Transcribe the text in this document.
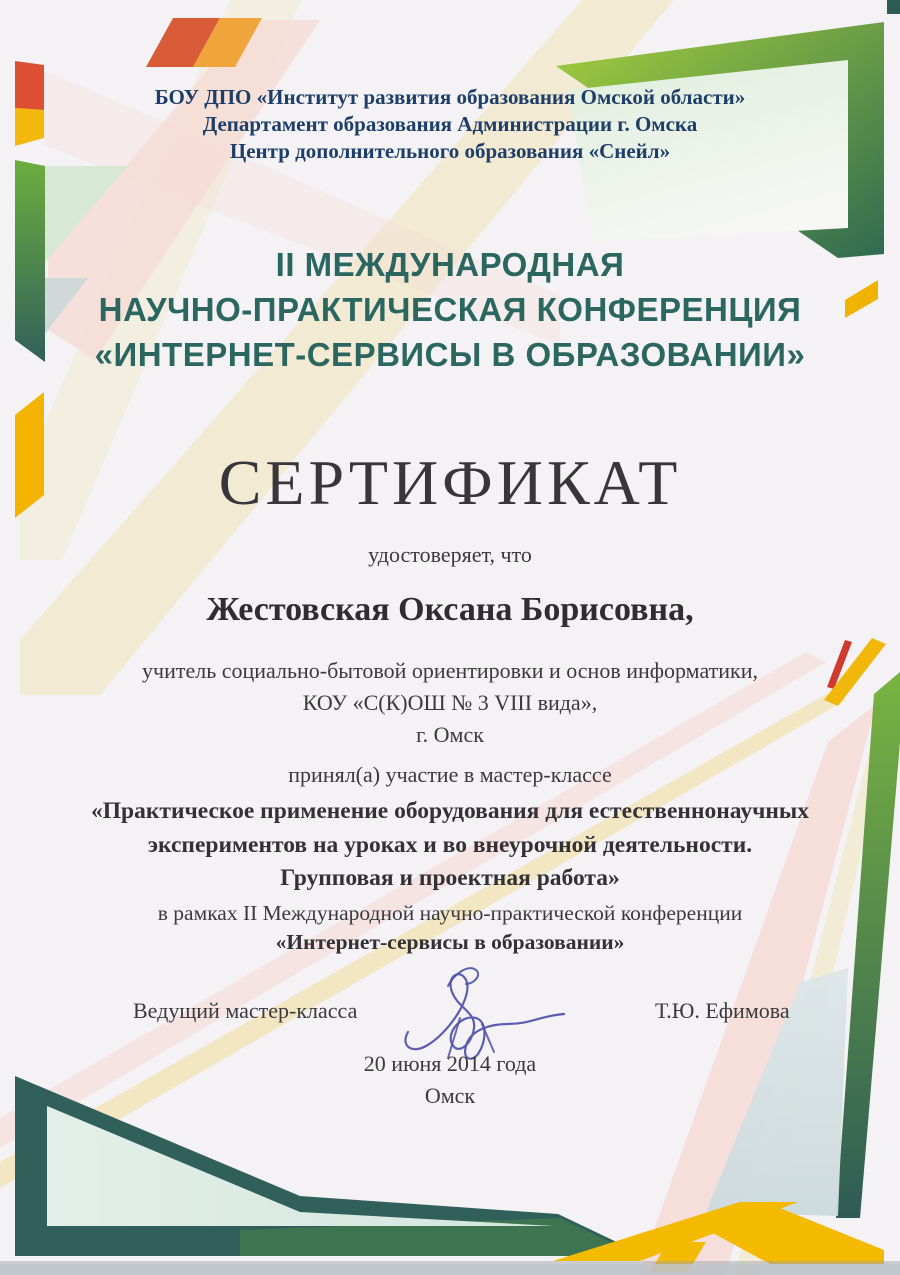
БОУ ДПО «Институт развития образования Омской области»
Департамент образования Администрации г. Омска
Центр дополнительного образования «Снейл»
II МЕЖДУНАРОДНАЯ
НАУЧНО-ПРАКТИЧЕСКАЯ КОНФЕРЕНЦИЯ
«ИНТЕРНЕТ-СЕРВИСЫ В ОБРАЗОВАНИИ»
СЕРТИФИКАТ
удостоверяет, что
Жестовская Оксана Борисовна,
учитель социально-бытовой ориентировки и основ информатики,
КОУ «С(К)ОШ № 3 VIII вида»,
г. Омск
принял(а) участие в мастер-классе
«Практическое применение оборудования для естественнонаучных
экспериментов на уроках и во внеурочной деятельности.
Групповая и проектная работа»
в рамках II Международной научно-практической конференции
«Интернет-сервисы в образовании»
Ведущий мастер-класса	Т.Ю. Ефимова
20 июня 2014 года
Омск
